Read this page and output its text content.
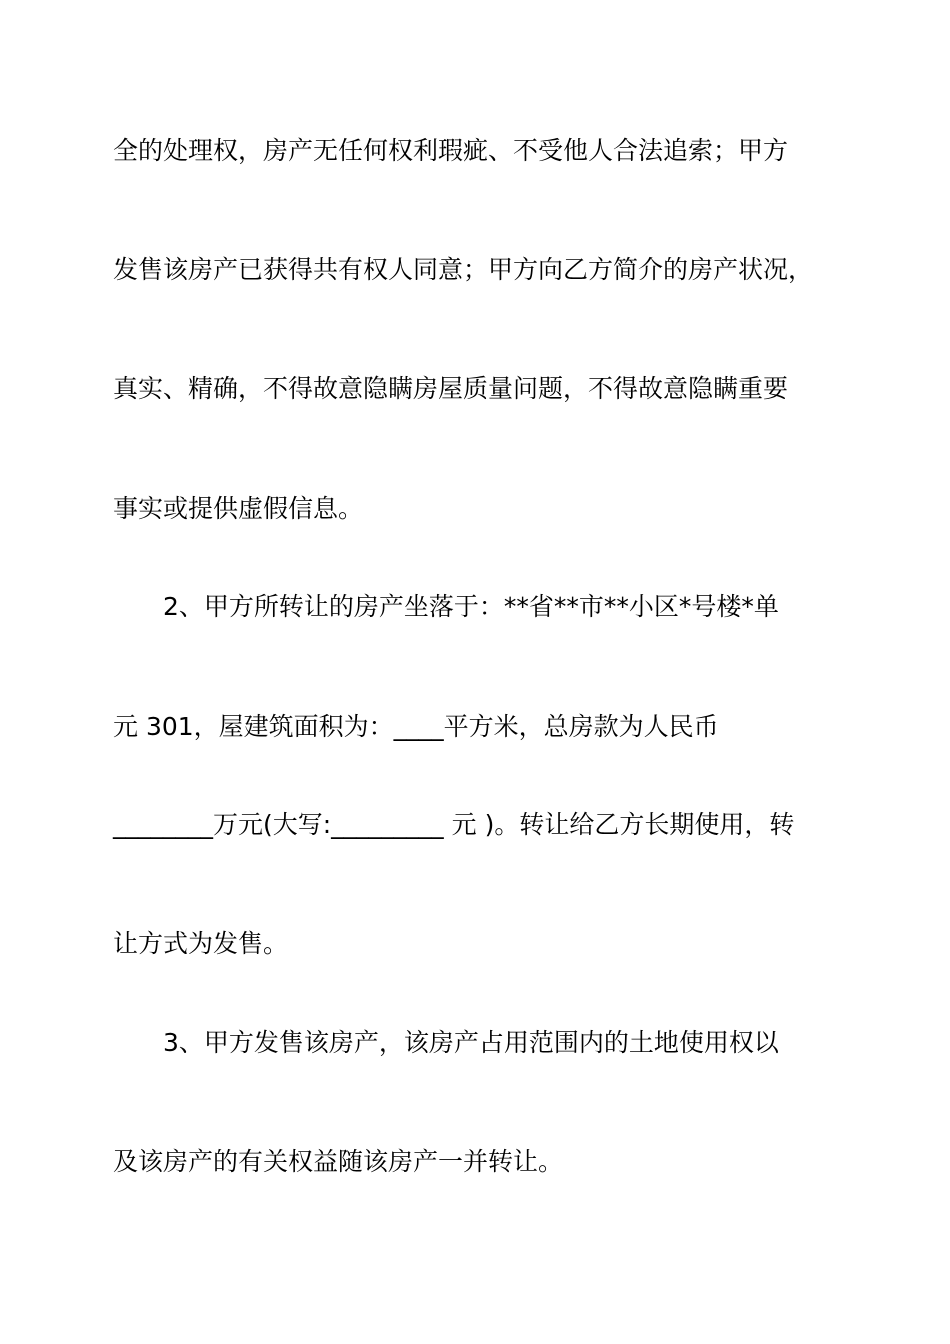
全的处理权，房产无任何权利瑕疵、不受他人合法追索；甲方
发售该房产已获得共有权人同意；甲方向乙方简介的房产状况，
真实、精确，不得故意隐瞒房屋质量问题，不得故意隐瞒重要
事实或提供虚假信息。
　　2、甲方所转让的房产坐落于：**省**市**小区*号楼*单
元 301，屋建筑面积为：____平方米，总房款为人民币
________万元(大写:_________ 元 )。转让给乙方长期使用，转
让方式为发售。
　　3、甲方发售该房产，该房产占用范围内的土地使用权以
及该房产的有关权益随该房产一并转让。
